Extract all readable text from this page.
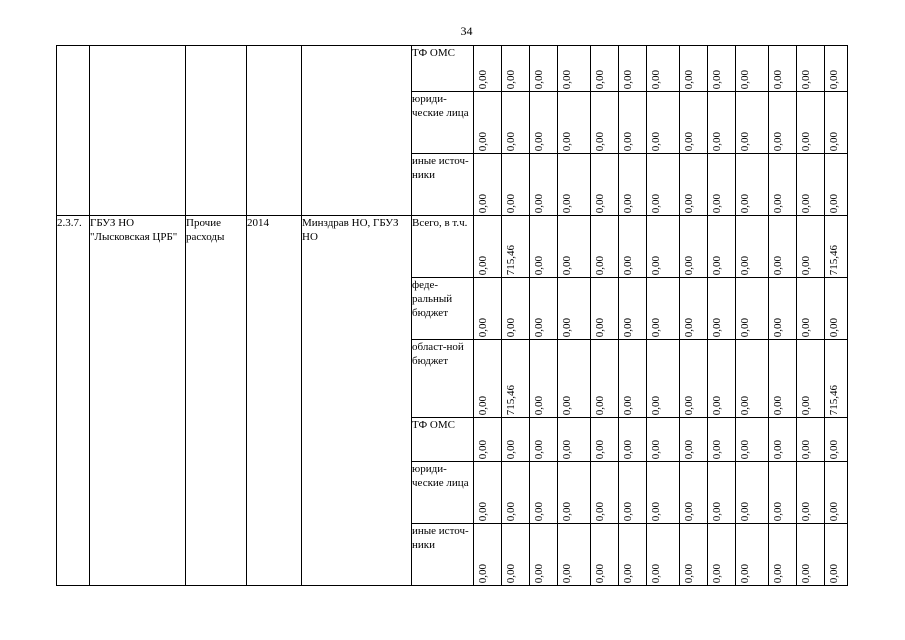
34
					ТФ ОМС	0,00	0,00	0,00	0,00	0,00	0,00	0,00	0,00	0,00	0,00	0,00	0,00	0,00

					юриди-ческие лица	0,00	0,00	0,00	0,00	0,00	0,00	0,00	0,00	0,00	0,00	0,00	0,00	0,00

					иные источ-ники	0,00	0,00	0,00	0,00	0,00	0,00	0,00	0,00	0,00	0,00	0,00	0,00	0,00

2.3.7.	ГБУЗ НО "Лысковская ЦРБ"	Прочие расходы	2014	Минздрав НО, ГБУЗ НО	Всего, в т.ч.	0,00	715,46	0,00	0,00	0,00	0,00	0,00	0,00	0,00	0,00	0,00	0,00	715,46

					феде-ральный бюджет	0,00	0,00	0,00	0,00	0,00	0,00	0,00	0,00	0,00	0,00	0,00	0,00	0,00

					област-ной бюджет	0,00	715,46	0,00	0,00	0,00	0,00	0,00	0,00	0,00	0,00	0,00	0,00	715,46

					ТФ ОМС	0,00	0,00	0,00	0,00	0,00	0,00	0,00	0,00	0,00	0,00	0,00	0,00	0,00

					юриди-ческие лица	0,00	0,00	0,00	0,00	0,00	0,00	0,00	0,00	0,00	0,00	0,00	0,00	0,00

					иные источ-ники	0,00	0,00	0,00	0,00	0,00	0,00	0,00	0,00	0,00	0,00	0,00	0,00	0,00
